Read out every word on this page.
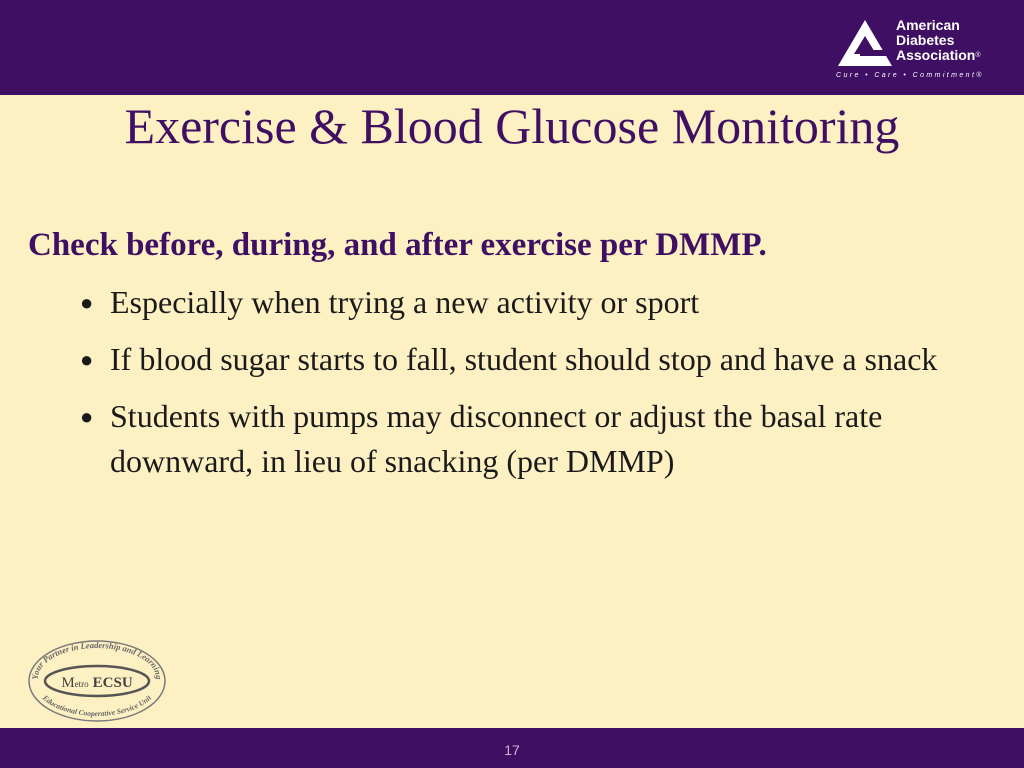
American
Diabetes
Association®
Cure • Care • Commitment®
Exercise & Blood Glucose Monitoring
Check before, during, and after exercise per DMMP.
● Especially when trying a new activity or sport
● If blood sugar starts to fall, student should stop and have a snack
● Students with pumps may disconnect or adjust the basal rate downward, in lieu of snacking (per DMMP)
Your Partner in Leadership and Learning
Metro ECSU
Educational Cooperative Service Unit
17
